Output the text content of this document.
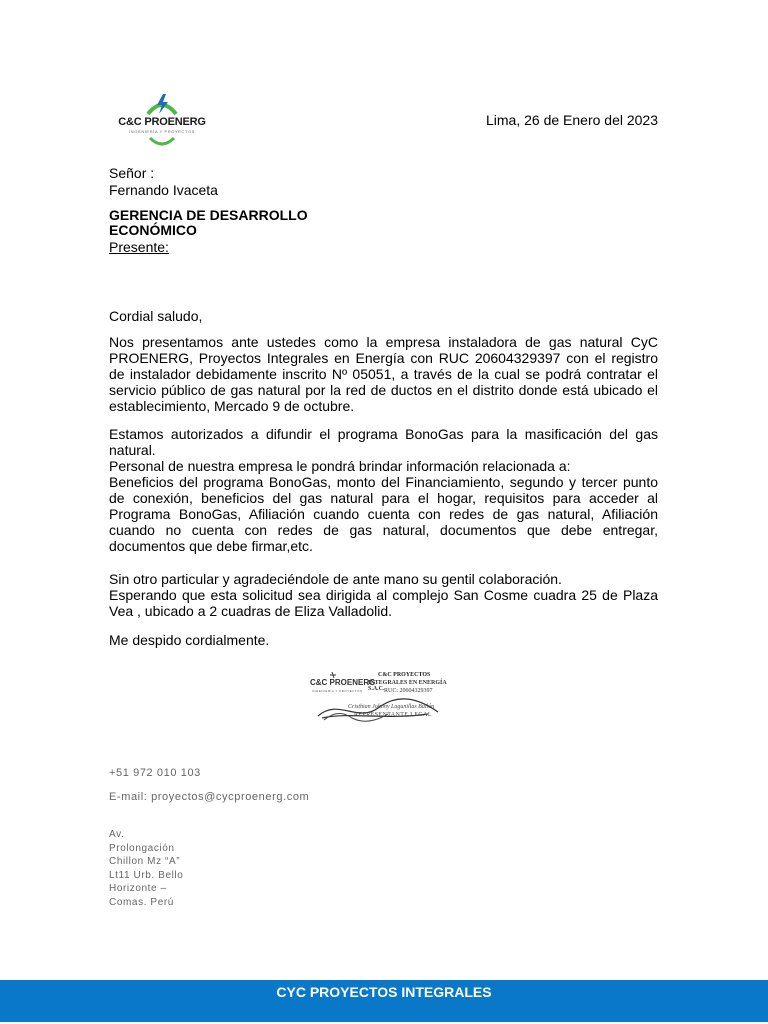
C&C PROENERG
INGENIERÍA Y PROYECTOS
Lima, 26 de Enero del 2023
Señor :
Fernando Ivaceta
GERENCIA DE DESARROLLO
ECONÓMICO
Presente:
Cordial saludo,
Nos presentamos ante ustedes como la empresa instaladora de gas natural CyC PROENERG, Proyectos Integrales en Energía con RUC 20604329397 con el registro de instalador debidamente inscrito Nº 05051, a través de la cual se podrá contratar el servicio público de gas natural por la red de ductos en el distrito donde está ubicado el establecimiento, Mercado 9 de octubre.
Estamos autorizados a difundir el programa BonoGas para la masificación del gas natural.
Personal de nuestra empresa le pondrá brindar información relacionada a:
Beneficios del programa BonoGas, monto del Financiamiento, segundo y tercer punto de conexión, beneficios del gas natural para el hogar, requisitos para acceder al Programa BonoGas, Afiliación cuando cuenta con redes de gas natural, Afiliación cuando no cuenta con redes de gas natural, documentos que debe entregar, documentos que debe firmar,etc.
Sin otro particular y agradeciéndole de ante mano su gentil colaboración.
Esperando que esta solicitud sea dirigida al complejo San Cosme cuadra 25 de Plaza Vea , ubicado a 2 cuadras de Eliza Valladolid.
Me despido cordialmente.
C&C PROENERG
INGENIERÍA Y PROYECTOS
C&C PROYECTOS
INTEGRALES EN ENERGÍA S.A.C. RUC: 20604329397
Cristhian Johnny Lagunillas Bailón
REPRESENTANTE LEGAL
+51 972 010 103
E-mail: proyectos@cycproenerg.com
Av.
Prolongación
Chillon Mz “A”
Lt11 Urb. Bello
Horizonte –
Comas. Perú
CYC PROYECTOS INTEGRALES
